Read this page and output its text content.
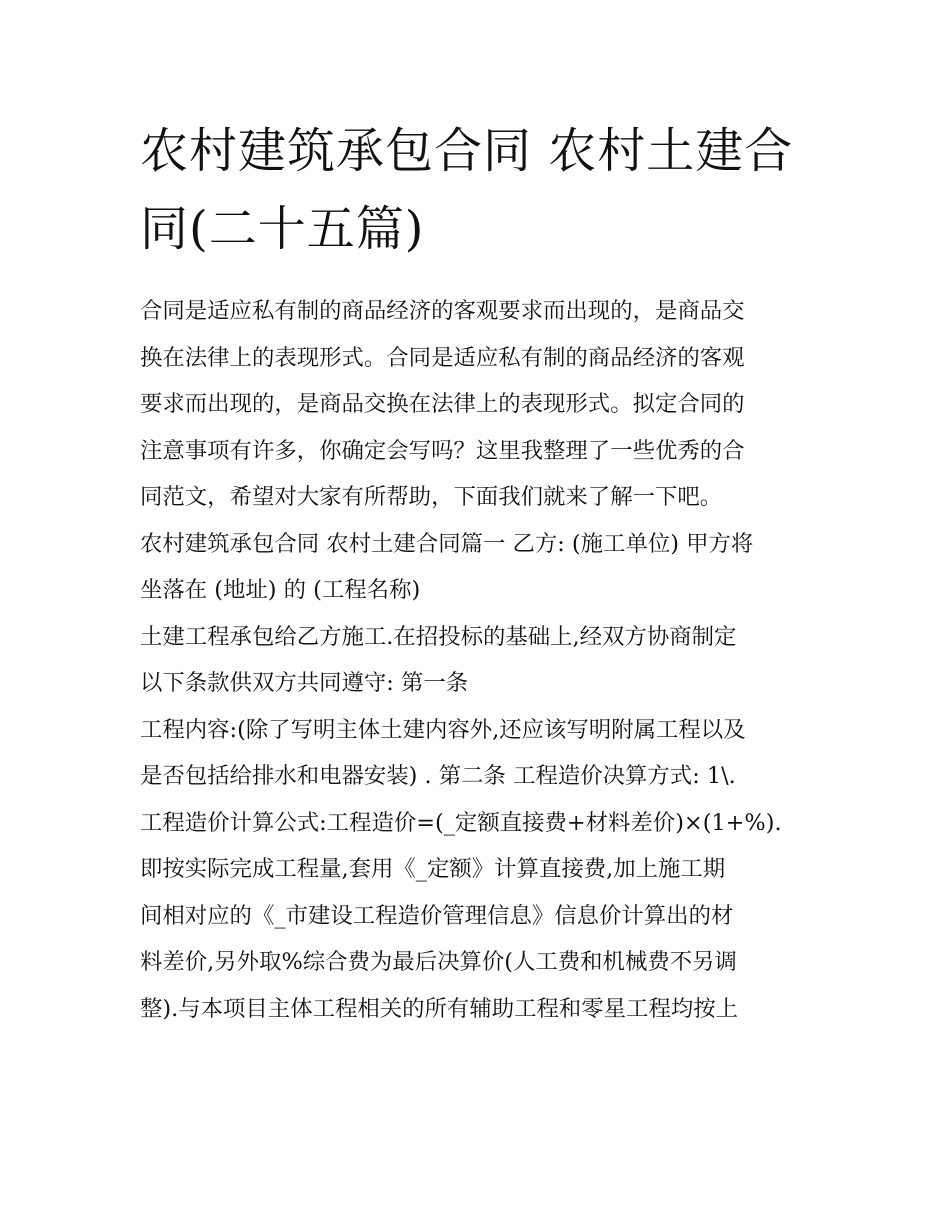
农村建筑承包合同 农村土建合
同(二十五篇)

合同是适应私有制的商品经济的客观要求而出现的，是商品交
换在法律上的表现形式。合同是适应私有制的商品经济的客观
要求而出现的，是商品交换在法律上的表现形式。拟定合同的
注意事项有许多，你确定会写吗？这里我整理了一些优秀的合
同范文，希望对大家有所帮助，下面我们就来了解一下吧。

农村建筑承包合同 农村土建合同篇一 乙方: (施工单位) 甲方将
坐落在 (地址) 的 (工程名称)

土建工程承包给乙方施工.在招投标的基础上,经双方协商制定
以下条款供双方共同遵守: 第一条

工程内容:(除了写明主体土建内容外,还应该写明附属工程以及
是否包括给排水和电器安装) . 第二条 工程造价决算方式: 1\.

工程造价计算公式:工程造价=(_定额直接费+材料差价)×(1+%).
即按实际完成工程量,套用《_定额》计算直接费,加上施工期
间相对应的《_市建设工程造价管理信息》信息价计算出的材
料差价,另外取%综合费为最后决算价(人工费和机械费不另调
整).与本项目主体工程相关的所有辅助工程和零星工程均按上
